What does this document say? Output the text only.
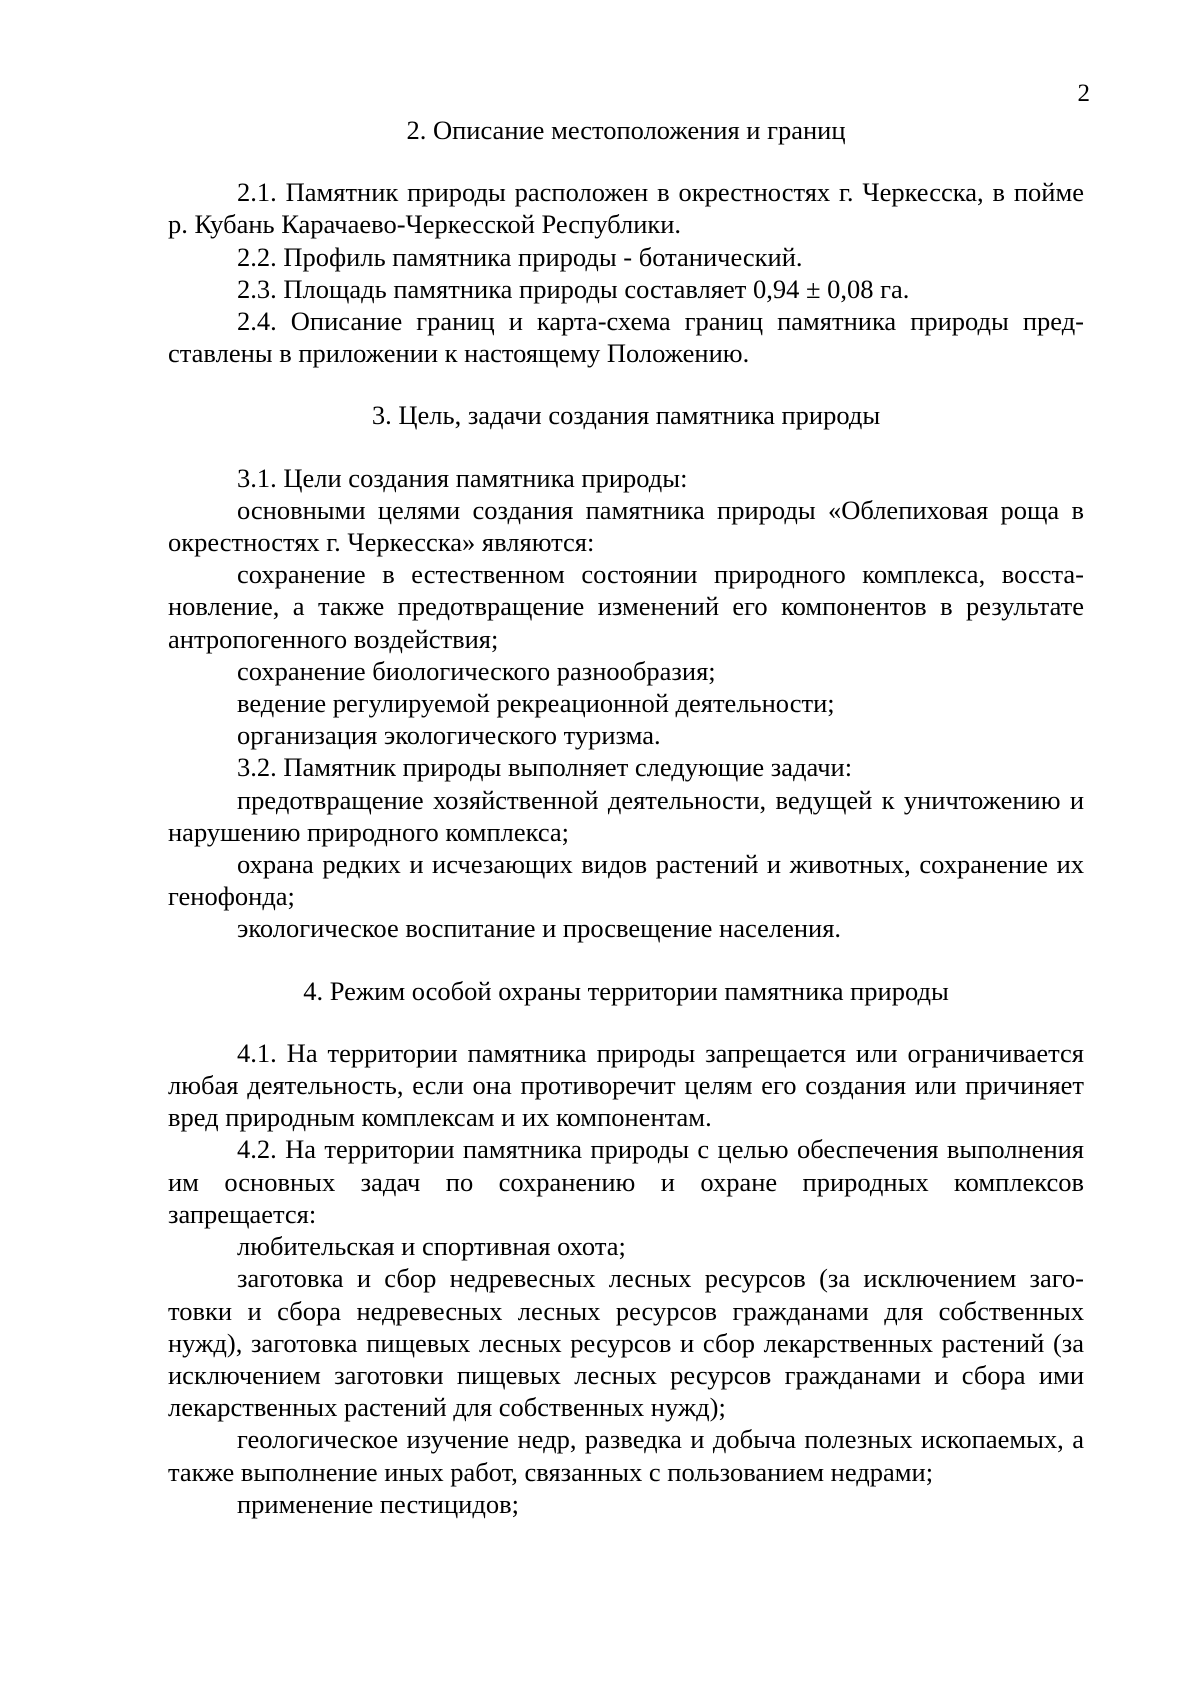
2
2. Описание местоположения и границ

2.1. Памятник природы расположен в окрестностях г. Черкесска, в пойме р. Кубань Карачаево-Черкесской Республики.

2.2. Профиль памятника природы - ботанический.

2.3. Площадь памятника природы составляет 0,94 ± 0,08 га.

2.4. Описание границ и карта-схема границ памятника природы представлены в приложении к настоящему Положению.

3. Цель, задачи создания памятника природы

3.1. Цели создания памятника природы:

основными целями создания памятника природы «Облепиховая роща в окрестностях г. Черкесска» являются:

сохранение в естественном состоянии природного комплекса, восстановление, а также предотвращение изменений его компонентов в результате антропогенного воздействия;

сохранение биологического разнообразия;

ведение регулируемой рекреационной деятельности;

организация экологического туризма.

3.2. Памятник природы выполняет следующие задачи:

предотвращение хозяйственной деятельности, ведущей к уничтожению и нарушению природного комплекса;

охрана редких и исчезающих видов растений и животных, сохранение их генофонда;

экологическое воспитание и просвещение населения.

4. Режим особой охраны территории памятника природы

4.1. На территории памятника природы запрещается или ограничивается любая деятельность, если она противоречит целям его создания или причиняет вред природным комплексам и их компонентам.

4.2. На территории памятника природы с целью обеспечения выполнения им основных задач по сохранению и охране природных комплексов запрещается:

любительская и спортивная охота;

заготовка и сбор недревесных лесных ресурсов (за исключением заготовки и сбора недревесных лесных ресурсов гражданами для собственных нужд), заготовка пищевых лесных ресурсов и сбор лекарственных растений (за исключением заготовки пищевых лесных ресурсов гражданами и сбора ими лекарственных растений для собственных нужд);

геологическое изучение недр, разведка и добыча полезных ископаемых, а также выполнение иных работ, связанных с пользованием недрами;

применение пестицидов;
